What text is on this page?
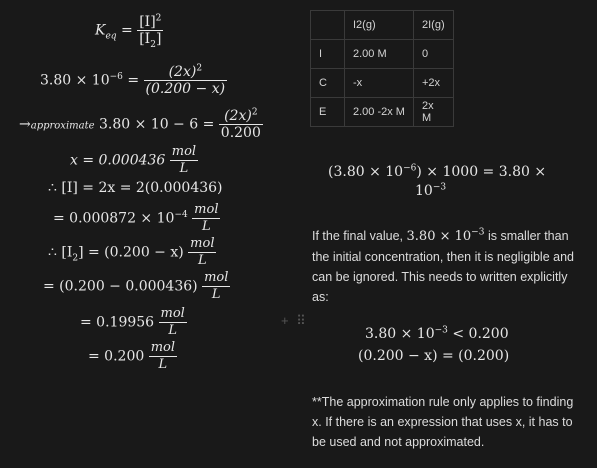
$K_{eq} = \frac{[I]^2}{[I_2]}$
$3.80 \times 10^{-6} = \frac{(2x)^2}{(0.200 - x)}$
→approximate $3.80 \times 10 - 6 = \frac{(2x)^2}{0.200}$
$x = 0.000436 \frac{\text{mol}}{L}$
∴ [I] = 2x = 2(0.000436)
= $0.000872 \times 10^{-4} \frac{\text{mol}}{L}$
∴ $[I_2] = (0.200 - x) \frac{\text{mol}}{L}$
= $(0.200 - 0.000436) \frac{\text{mol}}{L}$
= $0.19956 \frac{\text{mol}}{L}$
= $0.200 \frac{\text{mol}}{L}$
	I2(g)	2I(g)
I	2.00 M	0
C	-x	+2x
E	2.00 -2x M	2x M
$(3.80 \times 10^{-6}) \times 1000 = 3.80$ ×
$10^{-3}$
If the final value, $3.80 \times 10^{-3}$ is smaller than the initial concentration, then it is negligible and can be ignored. This needs to written explicitly as:
$3.80 \times 10^{-3} < 0.200$
(0.200 − x) = (0.200)
**The approximation rule only applies to finding x. If there is an expression that uses x, it has to be used and not approximated.
+ ⠿
